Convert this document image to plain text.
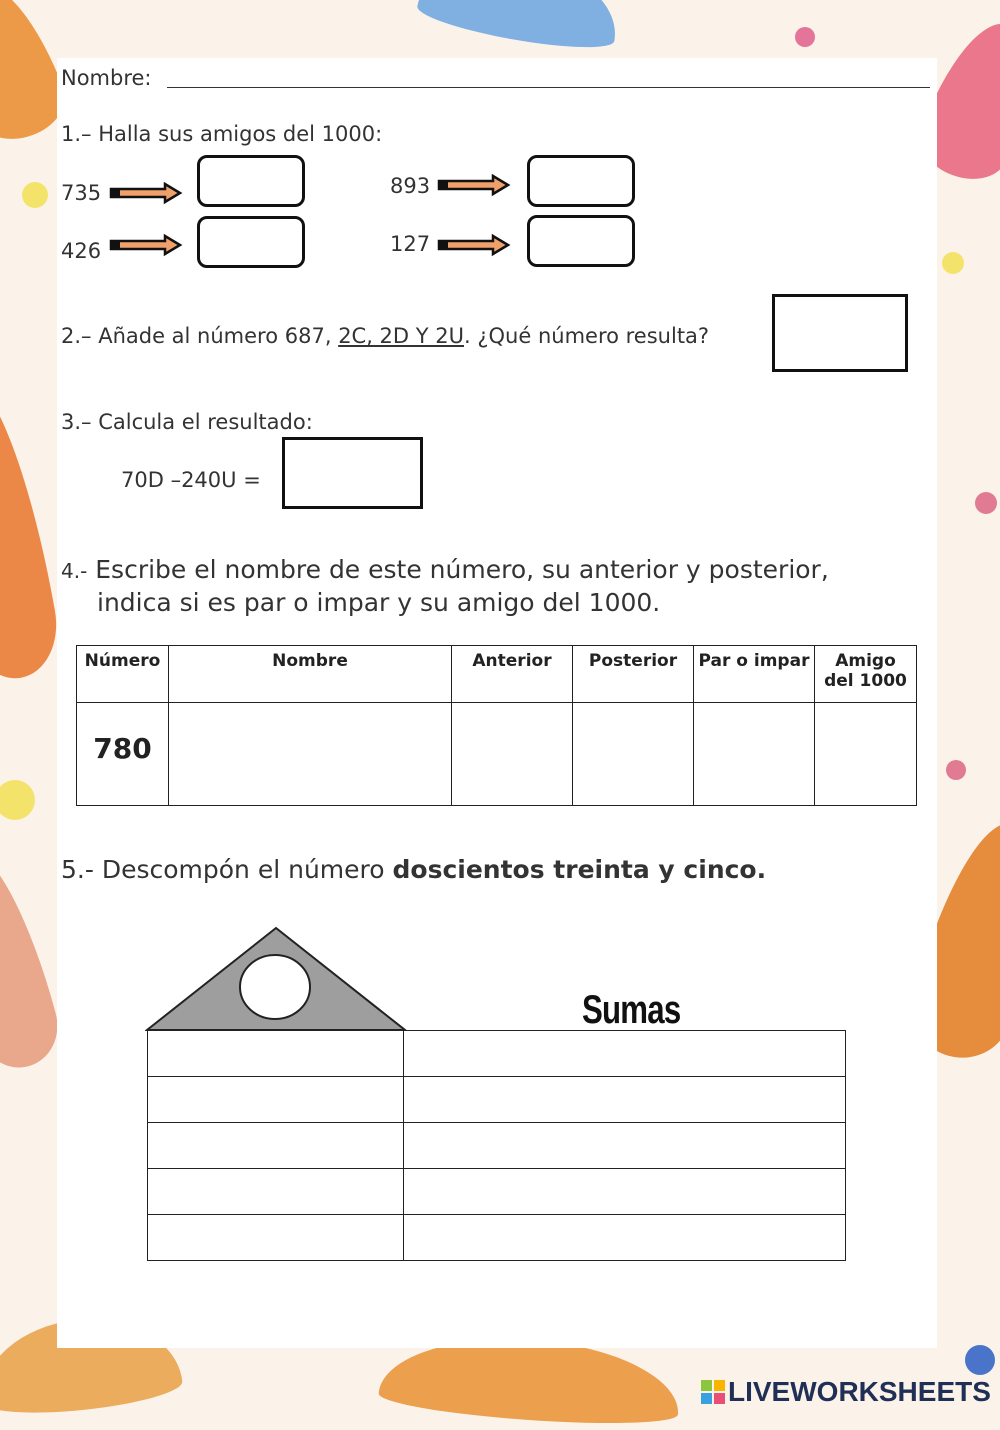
Nombre:
1.– Halla sus amigos del 1000:
735
426
893
127
2.– Añade al número 687, 2C, 2D Y 2U. ¿Qué número resulta?
3.– Calcula el resultado:
70D –240U =
4.- Escribe el nombre de este número, su anterior y posterior,
indica si es par o impar y su amigo del 1000.
Número	Nombre	Anterior	Posterior	Par o impar	Amigo del 1000
780					
5.- Descompón el número doscientos treinta y cinco.
Sumas

LIVEWORKSHEETS
